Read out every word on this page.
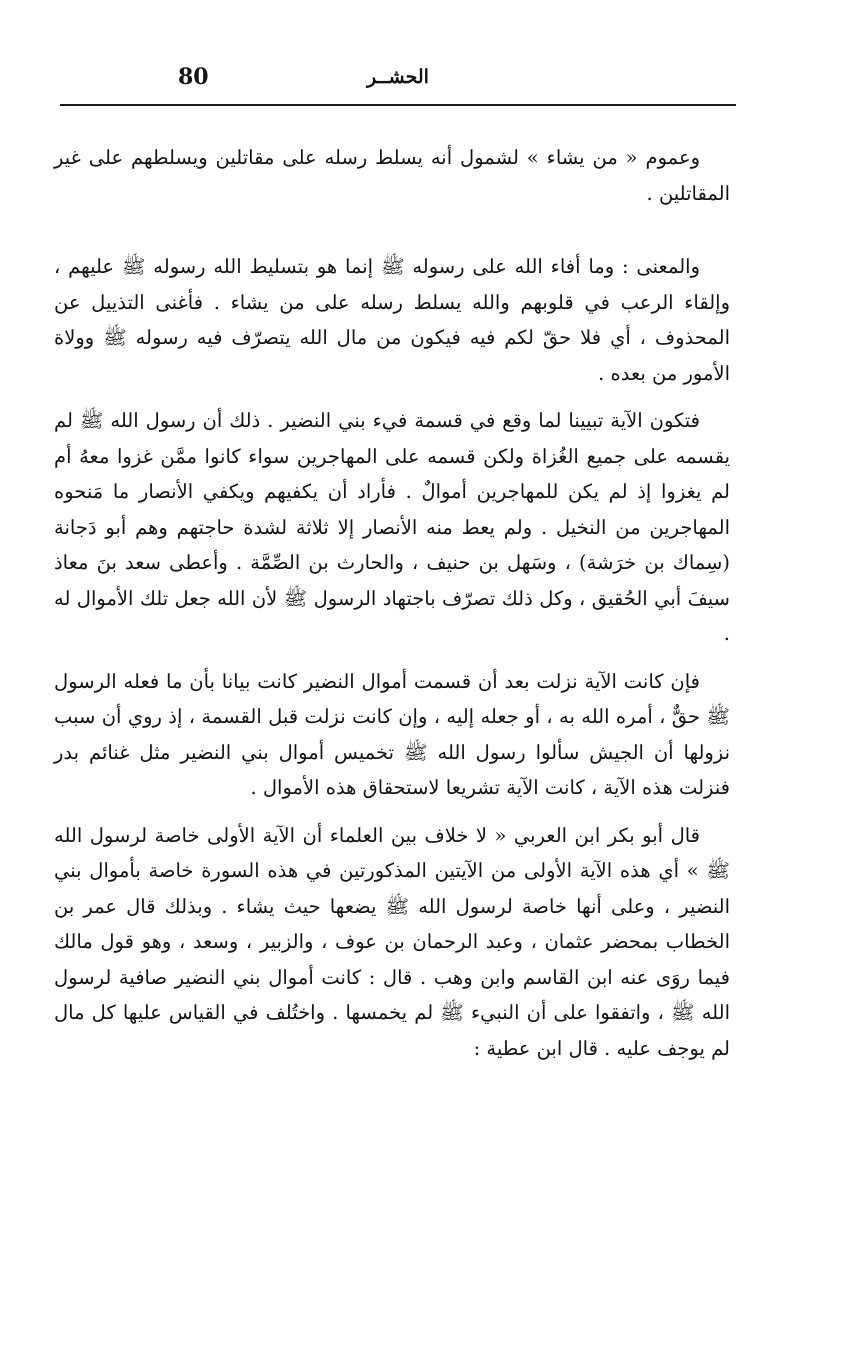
80	الحشــر

وعموم « من يشاء » لشمول أنه يسلط رسله على مقاتلين ويسلطهم على غير المقاتلين .

والمعنى : وما أفاء الله على رسوله ﷺ إنما هو بتسليط الله رسوله ﷺ عليهم ، وإلقاء الرعب في قلوبهم والله يسلط رسله على من يشاء . فأغنى التذييل عن المحذوف ، أي فلا حقّ لكم فيه فيكون من مال الله يتصرّف فيه رسوله ﷺ وولاة الأمور من بعده .

فتكون الآية تبيينا لما وقع في قسمة فيء بني النضير . ذلك أن رسول الله ﷺ لم يقسمه على جميع الغُزاة ولكن قسمه على المهاجرين سواء كانوا ممَّن غزوا معهُ أم لم يغزوا إذ لم يكن للمهاجرين أموالٌ . فأراد أن يكفيهم ويكفي الأنصار ما مَنحوه المهاجرين من النخيل . ولم يعط منه الأنصار إلا ثلاثة لشدة حاجتهم وهم أبو دَجانة (سِماك بن خرَشة) ، وسَهل بن حنيف ، والحارث بن الصِّمَّة . وأعطى سعد بنَ معاذ سيفَ أبي الحُقيق ، وكل ذلك تصرّف باجتهاد الرسول ﷺ لأن الله جعل تلك الأموال له .

فإن كانت الآية نزلت بعد أن قسمت أموال النضير كانت بيانا بأن ما فعله الرسول ﷺ حقٌّ ، أمره الله به ، أو جعله إليه ، وإن كانت نزلت قبل القسمة ، إذ روي أن سبب نزولها أن الجيش سألوا رسول الله ﷺ تخميس أموال بني النضير مثل غنائم بدر فنزلت هذه الآية ، كانت الآية تشريعا لاستحقاق هذه الأموال .

قال أبو بكر ابن العربي « لا خلاف بين العلماء أن الآية الأولى خاصة لرسول الله ﷺ » أي هذه الآية الأولى من الآيتين المذكورتين في هذه السورة خاصة بأموال بني النضير ، وعلى أنها خاصة لرسول الله ﷺ يضعها حيث يشاء . وبذلك قال عمر بن الخطاب بمحضر عثمان ، وعبد الرحمان بن عوف ، والزبير ، وسعد ، وهو قول مالك فيما روَى عنه ابن القاسم وابن وهب . قال : كانت أموال بني النضير صافية لرسول الله ﷺ ، واتفقوا على أن النبيء ﷺ لم يخمسها . واختُلف في القياس عليها كل مال لم يوجف عليه . قال ابن عطية :
